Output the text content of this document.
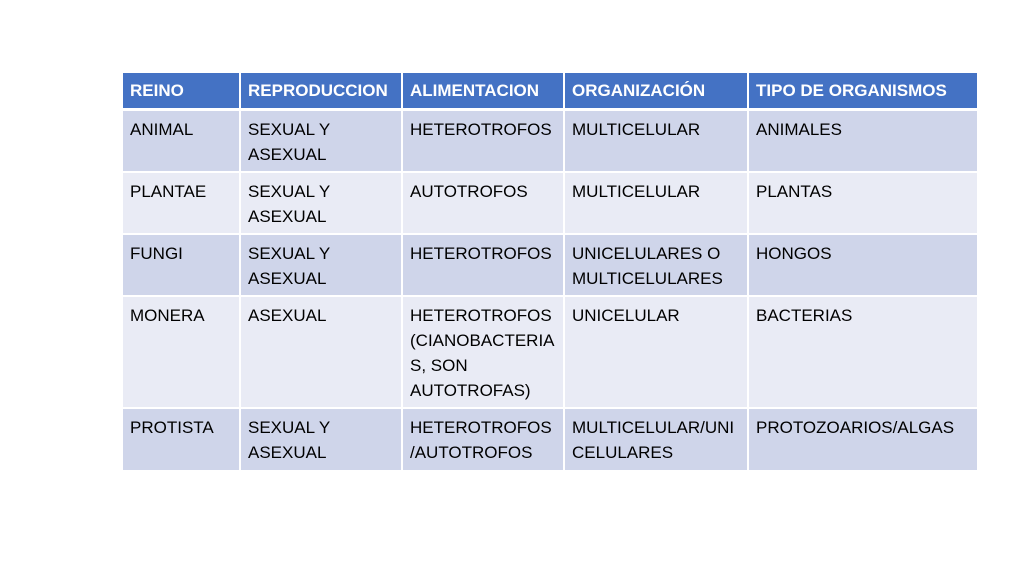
REINO	REPRODUCCION	ALIMENTACION	ORGANIZACIÓN	TIPO DE ORGANISMOS
ANIMAL	SEXUAL Y ASEXUAL	HETEROTROFOS	MULTICELULAR	ANIMALES
PLANTAE	SEXUAL Y ASEXUAL	AUTOTROFOS	MULTICELULAR	PLANTAS
FUNGI	SEXUAL Y ASEXUAL	HETEROTROFOS	UNICELULARES O MULTICELULARES	HONGOS
MONERA	ASEXUAL	HETEROTROFOS (CIANOBACTERIAS, SON AUTOTROFAS)	UNICELULAR	BACTERIAS
PROTISTA	SEXUAL Y ASEXUAL	HETEROTROFOS /AUTOTROFOS	MULTICELULAR/UNICELULARES	PROTOZOARIOS/ALGAS
